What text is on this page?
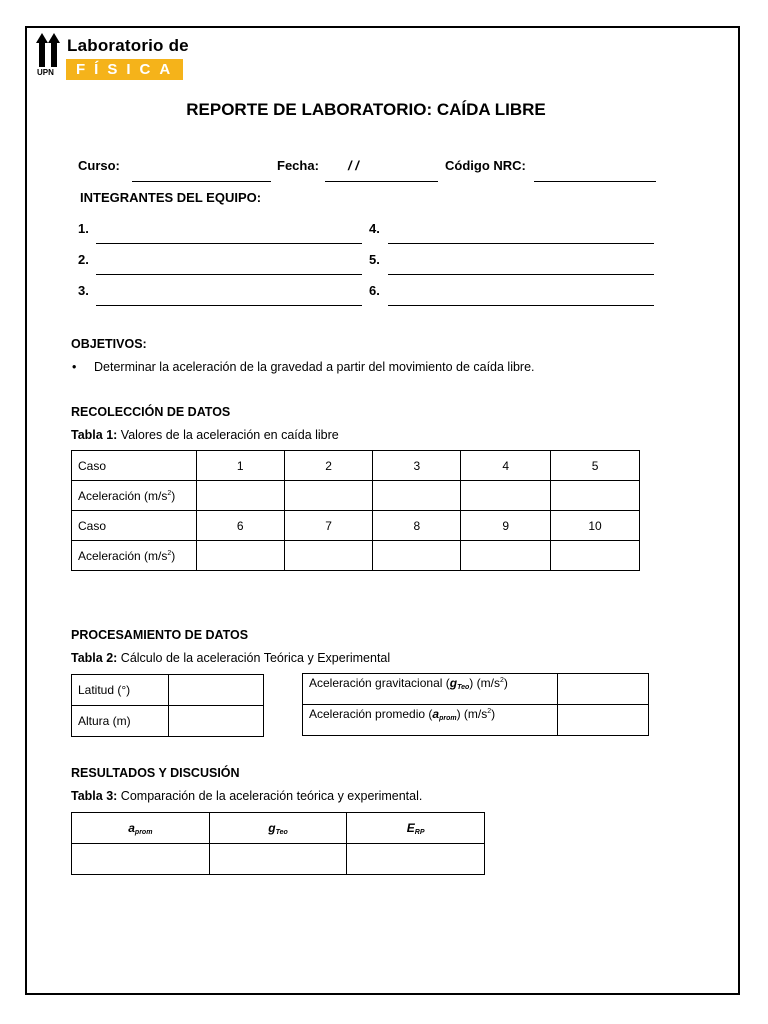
UPN
Laboratorio de
FÍSICA
REPORTE DE LABORATORIO: CAÍDA LIBRE
Curso:	Fecha: / /	Código NRC:
INTEGRANTES DEL EQUIPO:
1.
2.
3.
4.
5.
6.
OBJETIVOS:
• Determinar la aceleración de la gravedad a partir del movimiento de caída libre.
RECOLECCIÓN DE DATOS
Tabla 1: Valores de la aceleración en caída libre
Caso	1	2	3	4	5
Aceleración $(m/s^2)$					
Caso	6	7	8	9	10
Aceleración $(m/s^2)$					
PROCESAMIENTO DE DATOS
Tabla 2: Cálculo de la aceleración Teórica y Experimental
Latitud (°)	
Altura (m)	
Aceleración gravitacional $(g_{Teo})$ $(m/s^2)$	
Aceleración promedio $(a_{prom})$ $(m/s^2)$	
RESULTADOS Y DISCUSIÓN
Tabla 3: Comparación de la aceleración teórica y experimental.
$a_{prom}$	$g_{Teo}$	$E_{RP}$
